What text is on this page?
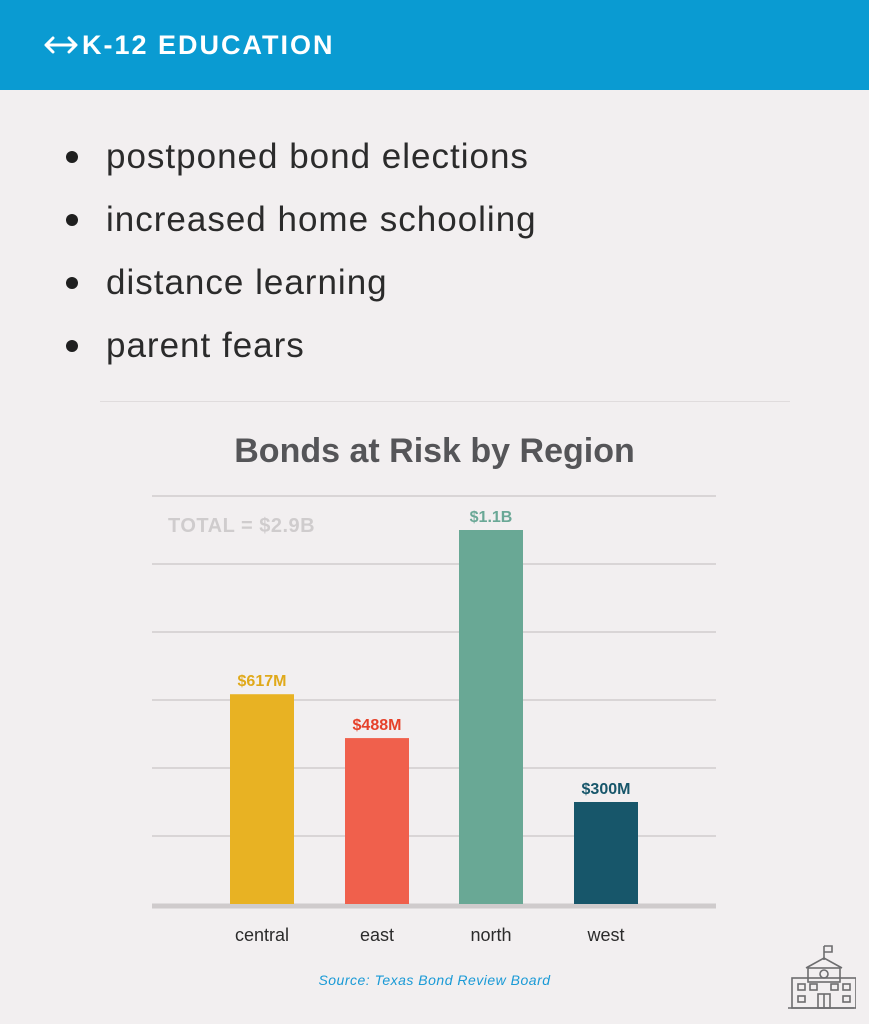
K-12 EDUCATION
postponed bond elections
increased home schooling
distance learning
parent fears
Bonds at Risk by Region
$617M
central
$488M
east
$1.1B
north
$300M
west
TOTAL = $2.9B
Source: Texas Bond Review Board
